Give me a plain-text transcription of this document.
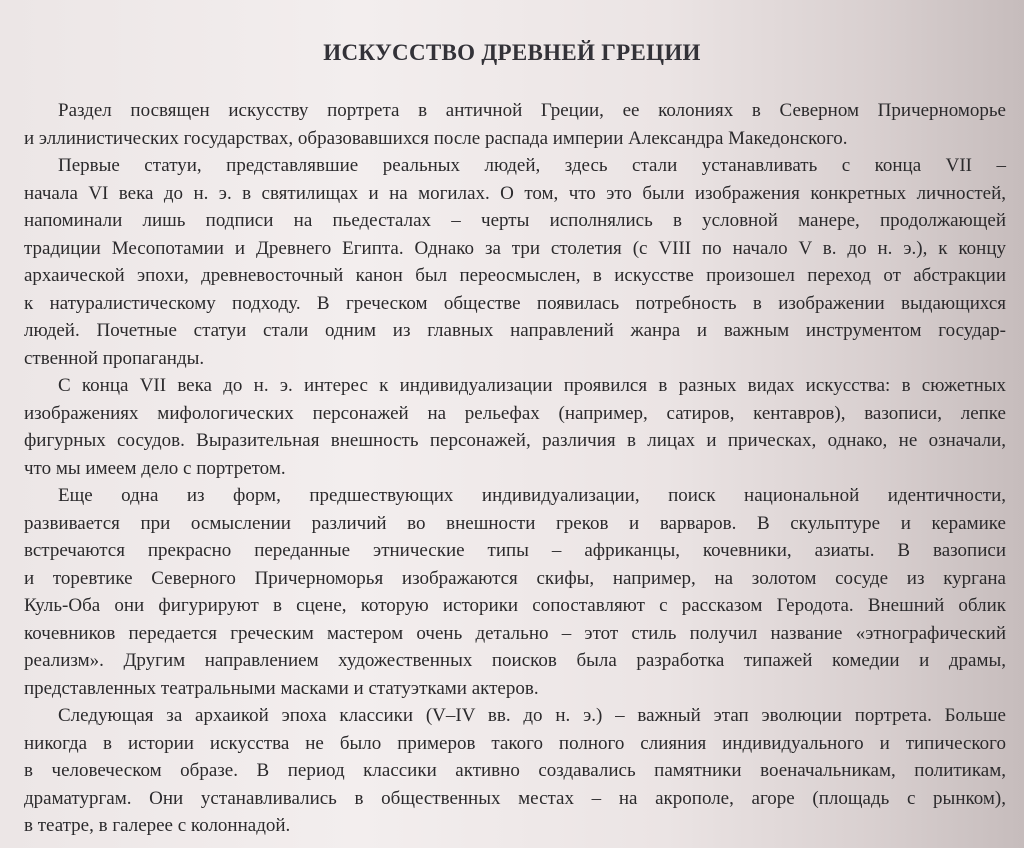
ИСКУССТВО ДРЕВНЕЙ ГРЕЦИИ
Раздел посвящен искусству портрета в античной Греции, ее колониях в Северном Причерноморье
и эллинистических государствах, образовавшихся после распада империи Александра Македонского.
Первые статуи, представлявшие реальных людей, здесь стали устанавливать с конца VII –
начала VI века до н. э. в святилищах и на могилах. О том, что это были изображения конкретных личностей,
напоминали лишь подписи на пьедесталах – черты исполнялись в условной манере, продолжающей
традиции Месопотамии и Древнего Египта. Однако за три столетия (с VIII по начало V в. до н. э.), к концу
архаической эпохи, древневосточный канон был переосмыслен, в искусстве произошел переход от абстракции
к натуралистическому подходу. В греческом обществе появилась потребность в изображении выдающихся
людей. Почетные статуи стали одним из главных направлений жанра и важным инструментом государ-
ственной пропаганды.
С конца VII века до н. э. интерес к индивидуализации проявился в разных видах искусства: в сюжетных
изображениях мифологических персонажей на рельефах (например, сатиров, кентавров), вазописи, лепке
фигурных сосудов. Выразительная внешность персонажей, различия в лицах и прическах, однако, не означали,
что мы имеем дело с портретом.
Еще одна из форм, предшествующих индивидуализации, поиск национальной идентичности,
развивается при осмыслении различий во внешности греков и варваров. В скульптуре и керамике
встречаются прекрасно переданные этнические типы – африканцы, кочевники, азиаты. В вазописи
и торевтике Северного Причерноморья изображаются скифы, например, на золотом сосуде из кургана
Куль-Оба они фигурируют в сцене, которую историки сопоставляют с рассказом Геродота. Внешний облик
кочевников передается греческим мастером очень детально – этот стиль получил название «этнографический
реализм». Другим направлением художественных поисков была разработка типажей комедии и драмы,
представленных театральными масками и статуэтками актеров.
Следующая за архаикой эпоха классики (V–IV вв. до н. э.) – важный этап эволюции портрета. Больше
никогда в истории искусства не было примеров такого полного слияния индивидуального и типического
в человеческом образе. В период классики активно создавались памятники военачальникам, политикам,
драматургам. Они устанавливались в общественных местах – на акрополе, агоре (площадь с рынком),
в театре, в галерее с колоннадой.
